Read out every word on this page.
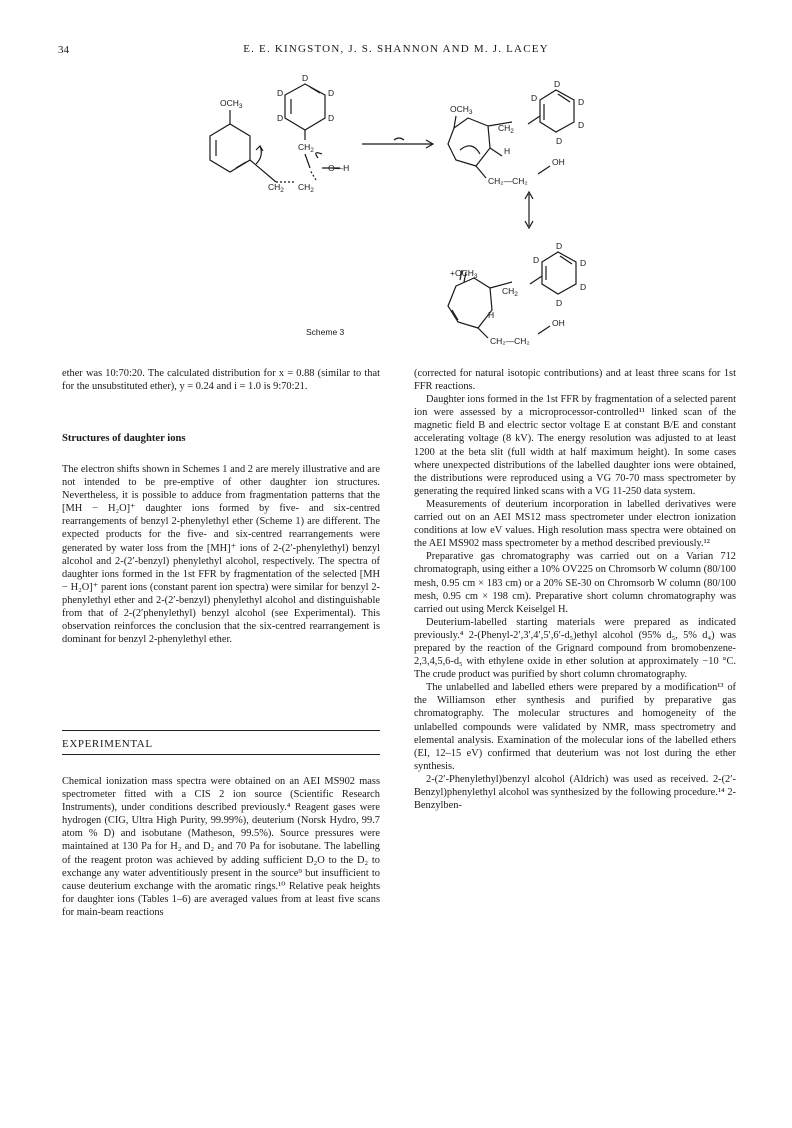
34	E. E. KINGSTON, J. S. SHANNON AND M. J. LACEY
$OCH_3$
D
D	D
D	D
$CH_2$
O—H
$CH_2$ $CH_2$
$OCH_3$
$CH_2$
H
D
D	D
D
D
CH₂—CH₂
OH
$+OCH_3$
$CH_2$
H
D
D	D
D
D
CH₂—CH₂
OH
Scheme 3

ether was 10:70:20. The calculated distribution for x = 0.88 (similar to that for the unsubstituted ether), y = 0.24 and i = 1.0 is 9:70:21.

Structures of daughter ions

The electron shifts shown in Schemes 1 and 2 are merely illustrative and are not intended to be pre-emptive of other daughter ion structures. Nevertheless, it is possible to adduce from fragmentation patterns that the [MH − H₂O]⁺ daughter ions formed by five- and six-centred rearrangements of benzyl 2-phenylethyl ether (Scheme 1) are different. The expected products for the five- and six-centred rearrangements were generated by water loss from the [MH]⁺ ions of 2-(2′-phenylethyl) benzyl alcohol and 2-(2′-benzyl) phenylethyl alcohol, respectively. The spectra of daughter ions formed in the 1st FFR by fragmentation of the selected [MH − H₂O]⁺ parent ions (constant parent ion spectra) were similar for benzyl 2-phenylethyl ether and 2-(2′-benzyl) phenylethyl alcohol and distinguishable from that of 2-(2′phenylethyl) benzyl alcohol (see Experimental). This observation reinforces the conclusion that the six-centred rearrangement is dominant for benzyl 2-phenylethyl ether.

EXPERIMENTAL

Chemical ionization mass spectra were obtained on an AEI MS902 mass spectrometer fitted with a CIS 2 ion source (Scientific Research Instruments), under conditions described previously.⁴ Reagent gases were hydrogen (CIG, Ultra High Purity, 99.99%), deuterium (Norsk Hydro, 99.7 atom % D) and isobutane (Matheson, 99.5%). Source pressures were maintained at 130 Pa for H₂ and D₂ and 70 Pa for isobutane. The labelling of the reagent proton was achieved by adding sufficient D₂O to the D₂ to exchange any water adventitiously present in the source⁹ but insufficient to cause deuterium exchange with the aromatic rings.¹⁰ Relative peak heights for daughter ions (Tables 1–6) are averaged values from at least five scans for main-beam reactions

(corrected for natural isotopic contributions) and at least three scans for 1st FFR reactions.

Daughter ions formed in the 1st FFR by fragmentation of a selected parent ion were assessed by a microprocessor-controlled¹¹ linked scan of the magnetic field B and electric sector voltage E at constant B/E and constant accelerating voltage (8 kV). The energy resolution was adjusted to at least 1200 at the beta slit (full width at half maximum height). In some cases where unexpected distributions of the labelled daughter ions were obtained, the distributions were reproduced using a VG 70-70 mass spectrometer by generating the required linked scans with a VG 11-250 data system.

Measurements of deuterium incorporation in labelled derivatives were carried out on an AEI MS12 mass spectrometer under electron ionization conditions at low eV values. High resolution mass spectra were obtained on the AEI MS902 mass spectrometer by a method described previously.¹²

Preparative gas chromatography was carried out on a Varian 712 chromatograph, using either a 10% OV225 on Chromsorb W column (80/100 mesh, 0.95 cm × 183 cm) or a 20% SE-30 on Chromsorb W column (80/100 mesh, 0.95 cm × 198 cm). Preparative short column chromatography was carried out using Merck Keiselgel H.

Deuterium-labelled starting materials were prepared as indicated previously.⁴ 2-(Phenyl-2′,3′,4′,5′,6′-d₅)ethyl alcohol (95% d₅, 5% d₄) was prepared by the reaction of the Grignard compound from bromobenzene-2,3,4,5,6-d₅ with ethylene oxide in ether solution at approximately −10 °C. The crude product was purified by short column chromatography.

The unlabelled and labelled ethers were prepared by a modification¹³ of the Williamson ether synthesis and purified by preparative gas chromatography. The molecular structures and homogeneity of the unlabelled compounds were validated by NMR, mass spectrometry and elemental analysis. Examination of the molecular ions of the labelled ethers (EI, 12–15 eV) confirmed that deuterium was not lost during the ether synthesis.

2-(2′-Phenylethyl)benzyl alcohol (Aldrich) was used as received. 2-(2′-Benzyl)phenylethyl alcohol was synthesized by the following procedure.¹⁴ 2-Benzylben-
